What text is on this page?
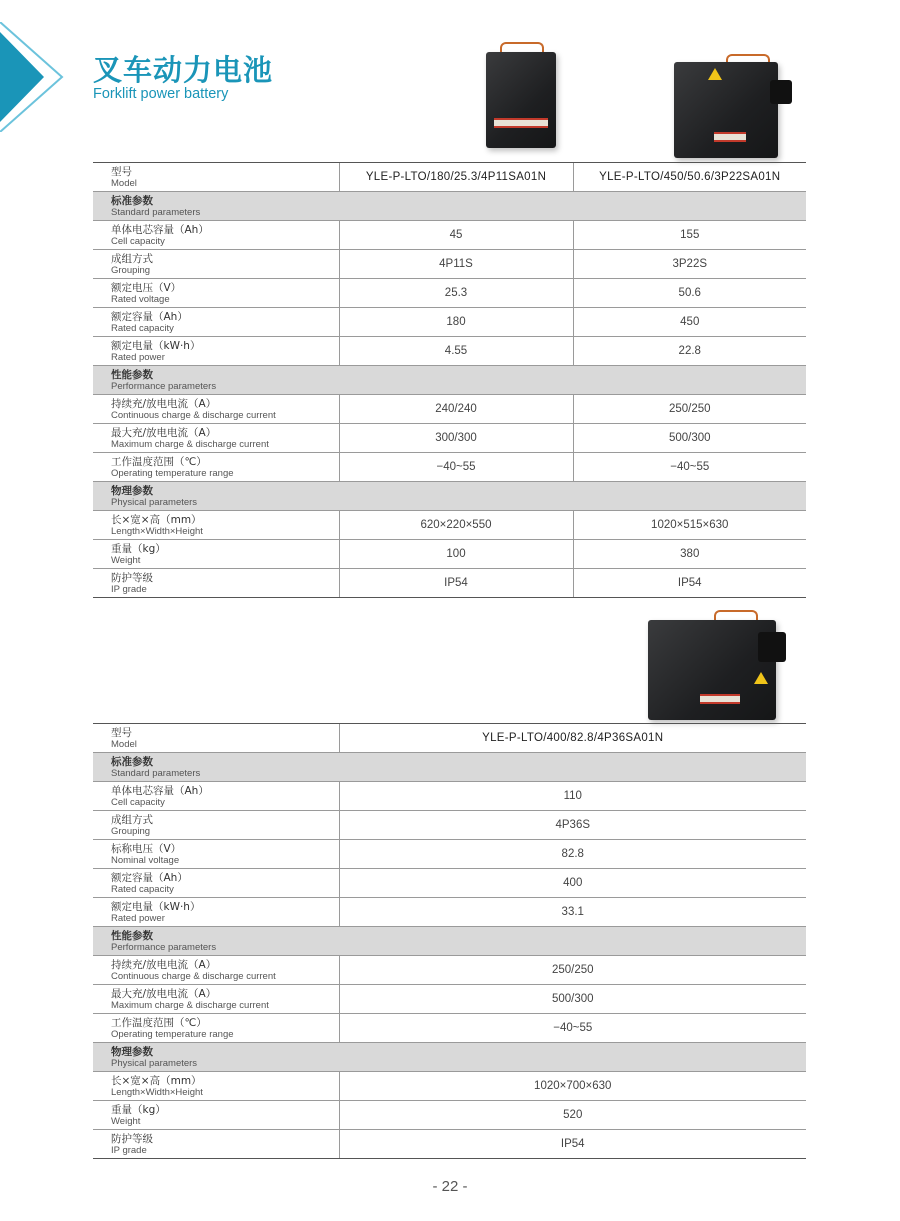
叉车动力电池
Forklift power battery
型号
Model	YLE-P-LTO/180/25.3/4P11SA01N	YLE-P-LTO/450/50.6/3P22SA01N

标准参数
Standard parameters		

单体电芯容量（Ah）
Cell capacity	45	155

成组方式
Grouping	4P11S	3P22S

额定电压（V）
Rated voltage	25.3	50.6

额定容量（Ah）
Rated capacity	180	450

额定电量（kW·h）
Rated power	4.55	22.8

性能参数
Performance parameters		

持续充/放电电流（A）
Continuous charge & discharge current	240/240	250/250

最大充/放电电流（A）
Maximum charge & discharge current	300/300	500/300

工作温度范围（℃）
Operating temperature range	−40~55	−40~55

物理参数
Physical parameters		

长×宽×高（mm）
Length×Width×Height	620×220×550	1020×515×630

重量（kg）
Weight	100	380

防护等级
IP grade	IP54	IP54
型号
Model	YLE-P-LTO/400/82.8/4P36SA01N

标准参数
Standard parameters	

单体电芯容量（Ah）
Cell capacity	110

成组方式
Grouping	4P36S

标称电压（V）
Nominal voltage	82.8

额定容量（Ah）
Rated capacity	400

额定电量（kW·h）
Rated power	33.1

性能参数
Performance parameters	

持续充/放电电流（A）
Continuous charge & discharge current	250/250

最大充/放电电流（A）
Maximum charge & discharge current	500/300

工作温度范围（℃）
Operating temperature range	−40~55

物理参数
Physical parameters	

长×宽×高（mm）
Length×Width×Height	1020×700×630

重量（kg）
Weight	520

防护等级
IP grade	IP54
- 22 -
